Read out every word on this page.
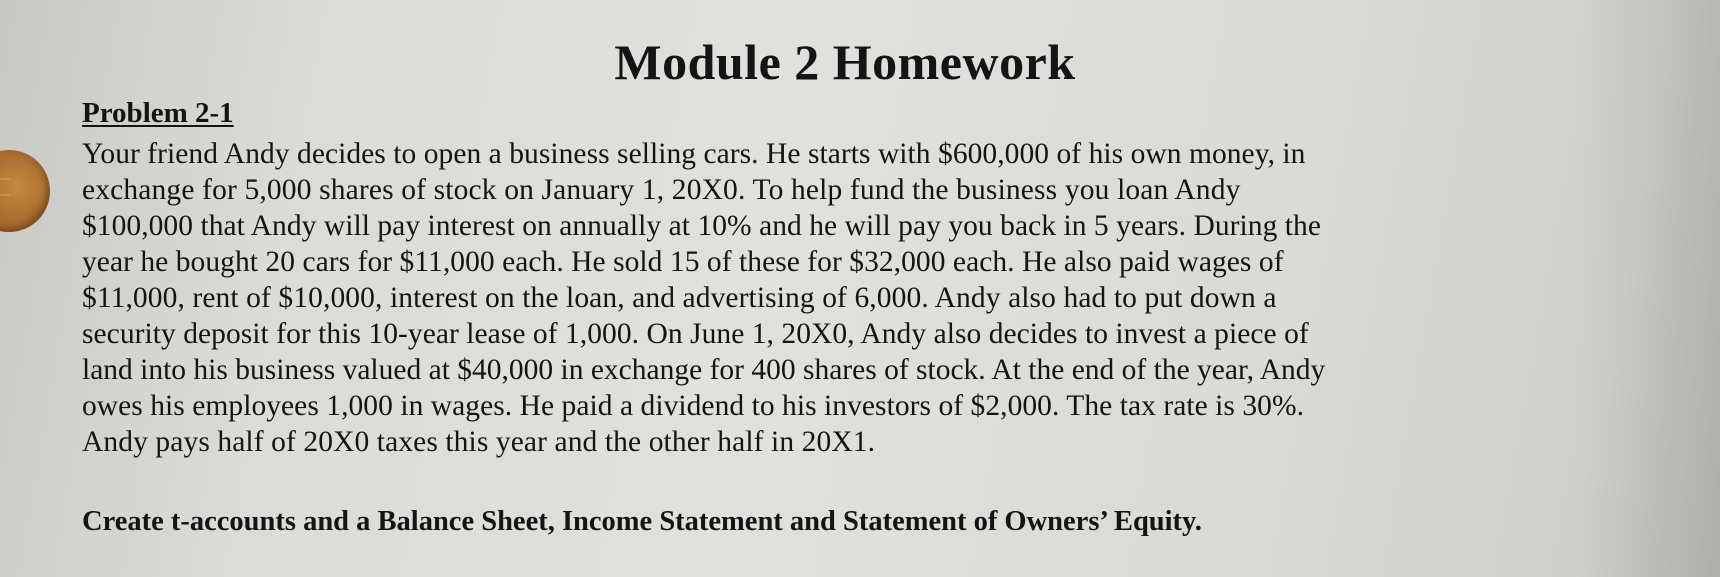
Module 2 Homework
Problem 2-1
Your friend Andy decides to open a business selling cars. He starts with $600,000 of his own money, in
exchange for 5,000 shares of stock on January 1, 20X0. To help fund the business you loan Andy
$100,000 that Andy will pay interest on annually at 10% and he will pay you back in 5 years. During the
year he bought 20 cars for $11,000 each. He sold 15 of these for $32,000 each. He also paid wages of
$11,000, rent of $10,000, interest on the loan, and advertising of 6,000. Andy also had to put down a
security deposit for this 10-year lease of 1,000. On June 1, 20X0, Andy also decides to invest a piece of
land into his business valued at $40,000 in exchange for 400 shares of stock. At the end of the year, Andy
owes his employees 1,000 in wages. He paid a dividend to his investors of $2,000. The tax rate is 30%.
Andy pays half of 20X0 taxes this year and the other half in 20X1.
Create t-accounts and a Balance Sheet, Income Statement and Statement of Owners’ Equity.
